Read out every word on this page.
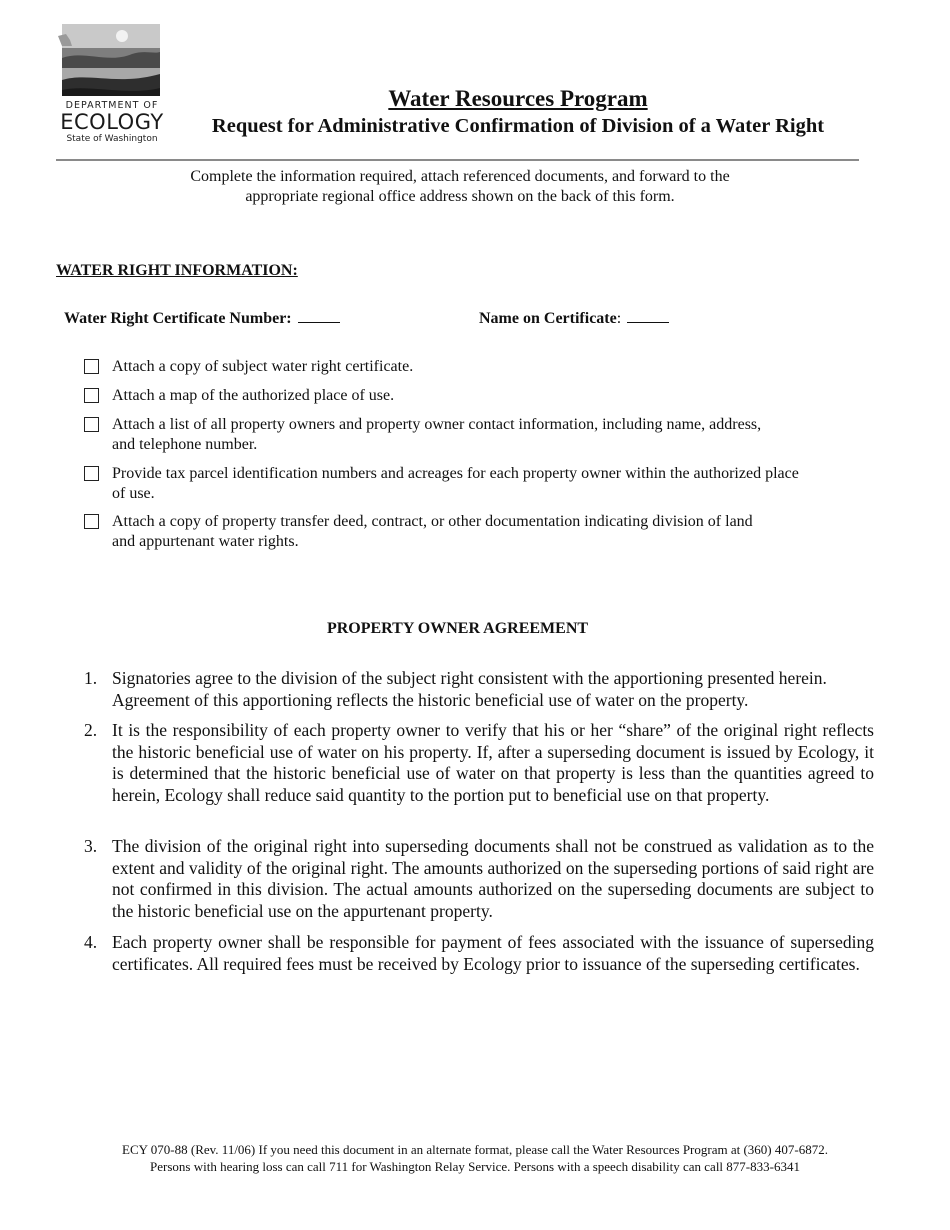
DEPARTMENT OF
ECOLOGY
State of Washington
Water Resources Program
Request for Administrative Confirmation of Division of a Water Right
Complete the information required, attach referenced documents, and forward to the
appropriate regional office address shown on the back of this form.
WATER RIGHT INFORMATION:
Water Right Certificate Number:	Name on Certificate:
Attach a copy of subject water right certificate.
Attach a map of the authorized place of use.
Attach a list of all property owners and property owner contact information, including name, address,
and telephone number.
Provide tax parcel identification numbers and acreages for each property owner within the authorized place
of use.
Attach a copy of property transfer deed, contract, or other documentation indicating division of land
and appurtenant water rights.
PROPERTY OWNER AGREEMENT
1. Signatories agree to the division of the subject right consistent with the apportioning presented herein. Agreement of this apportioning reflects the historic beneficial use of water on the property.
2. It is the responsibility of each property owner to verify that his or her “share” of the original right reflects the historic beneficial use of water on his property. If, after a superseding document is issued by Ecology, it is determined that the historic beneficial use of water on that property is less than the quantities agreed to herein, Ecology shall reduce said quantity to the portion put to beneficial use on that property.
3. The division of the original right into superseding documents shall not be construed as validation as to the extent and validity of the original right. The amounts authorized on the superseding portions of said right are not confirmed in this division. The actual amounts authorized on the superseding documents are subject to the historic beneficial use on the appurtenant property.
4. Each property owner shall be responsible for payment of fees associated with the issuance of superseding certificates. All required fees must be received by Ecology prior to issuance of the superseding certificates.
ECY 070-88 (Rev. 11/06) If you need this document in an alternate format, please call the Water Resources Program at (360) 407-6872.
Persons with hearing loss can call 711 for Washington Relay Service. Persons with a speech disability can call 877-833-6341
